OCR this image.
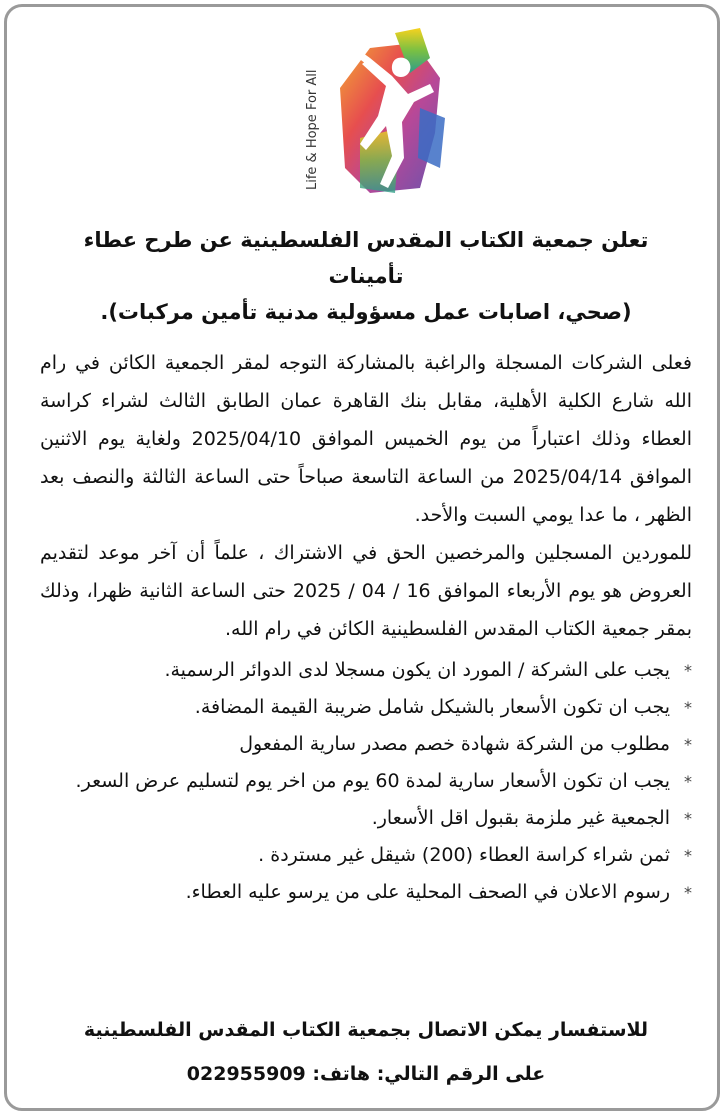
Life & Hope For All
تعلن جمعية الكتاب المقدس الفلسطينية عن طرح عطاء تأمينات
(صحي، اصابات عمل مسؤولية مدنية تأمين مركبات).

فعلى الشركات المسجلة والراغبة بالمشاركة التوجه لمقر الجمعية الكائن في رام الله شارع الكلية الأهلية، مقابل بنك القاهرة عمان الطابق الثالث لشراء كراسة العطاء وذلك اعتباراً من يوم الخميس الموافق 2025/04/10 ولغاية يوم الاثنين الموافق 2025/04/14 من الساعة التاسعة صباحاً حتى الساعة الثالثة والنصف بعد الظهر ، ما عدا يومي السبت والأحد.

للموردين المسجلين والمرخصين الحق في الاشتراك ، علماً أن آخر موعد لتقديم العروض هو يوم الأربعاء الموافق 16 / 04 / 2025 حتى الساعة الثانية ظهرا، وذلك بمقر جمعية الكتاب المقدس الفلسطينية الكائن في رام الله.

*
يجب على الشركة / المورد ان يكون مسجلا لدى الدوائر الرسمية.
*
يجب ان تكون الأسعار بالشيكل شامل ضريبة القيمة المضافة.
*
مطلوب من الشركة شهادة خصم مصدر سارية المفعول
*
يجب ان تكون الأسعار سارية لمدة 60 يوم من اخر يوم لتسليم عرض السعر.
*
الجمعية غير ملزمة بقبول اقل الأسعار.
*
ثمن شراء كراسة العطاء (200) شيقل غير مستردة .
*
رسوم الاعلان في الصحف المحلية على من يرسو عليه العطاء.
للاستفسار يمكن الاتصال بجمعية الكتاب المقدس الفلسطينية
على الرقم التالي: هاتف: 022955909
